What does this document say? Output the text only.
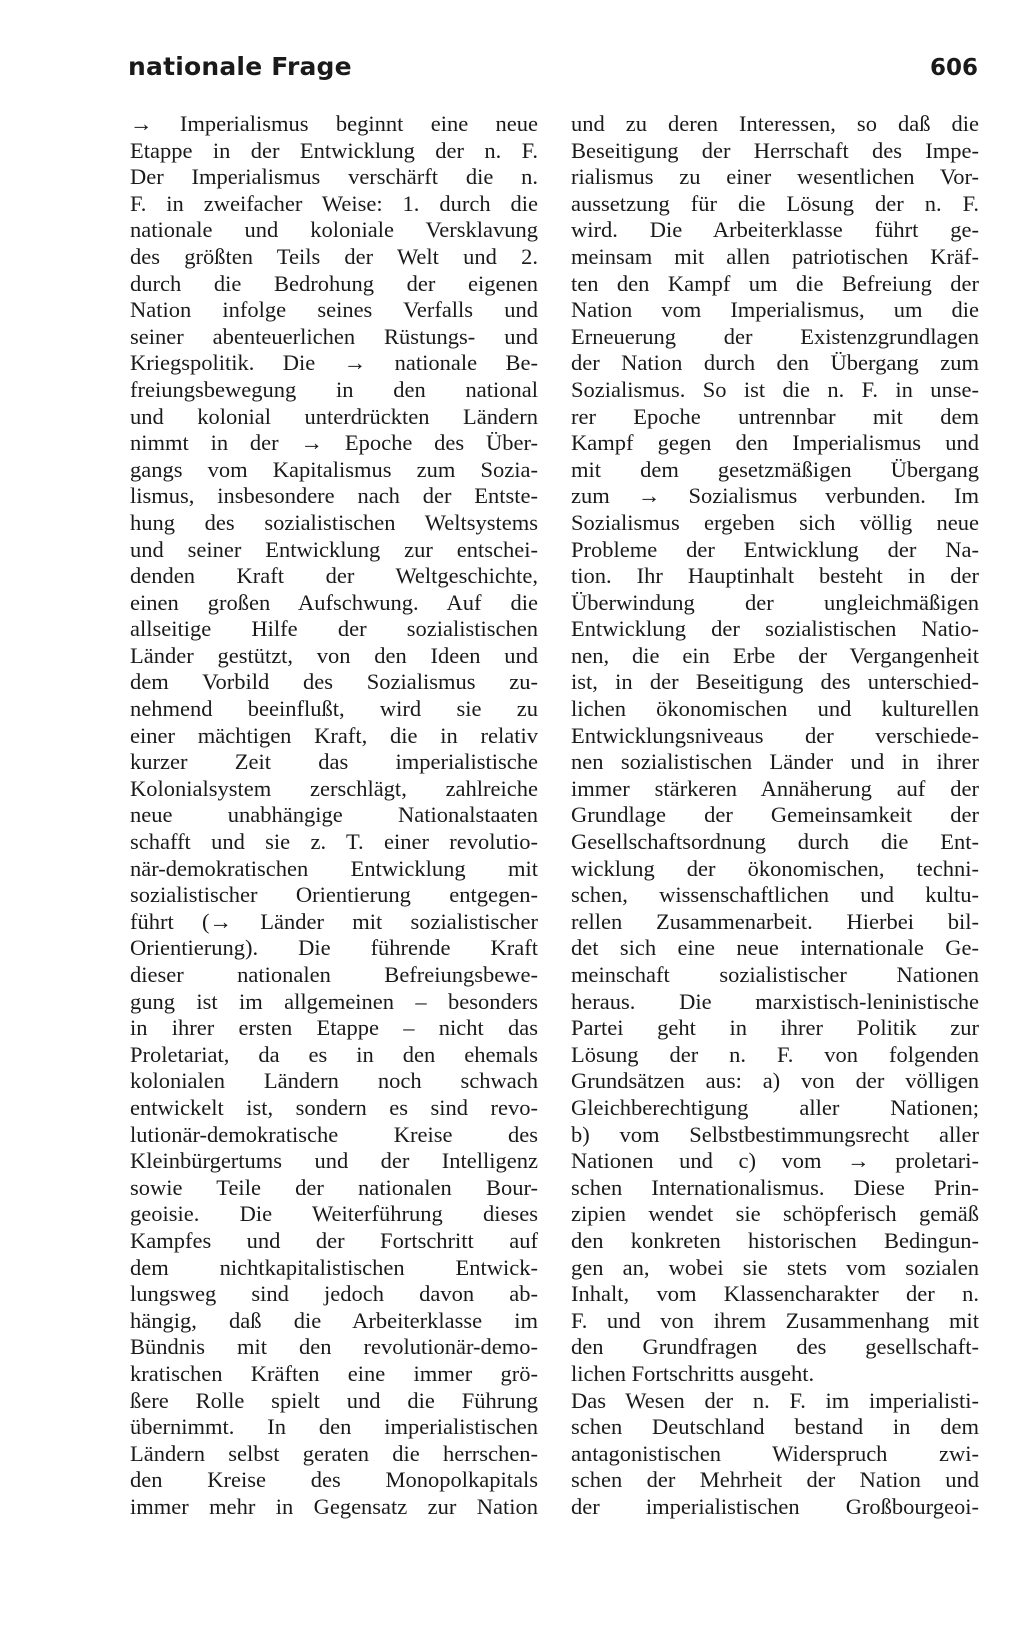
nationale Frage	606
→ Imperialismus beginnt eine neue
Etappe in der Entwicklung der n. F.
Der Imperialismus verschärft die n.
F. in zweifacher Weise: 1. durch die
nationale und koloniale Versklavung
des größten Teils der Welt und 2.
durch die Bedrohung der eigenen
Nation infolge seines Verfalls und
seiner abenteuerlichen Rüstungs- und
Kriegspolitik. Die → nationale Be-
freiungsbewegung in den national
und kolonial unterdrückten Ländern
nimmt in der → Epoche des Über-
gangs vom Kapitalismus zum Sozia-
lismus, insbesondere nach der Entste-
hung des sozialistischen Weltsystems
und seiner Entwicklung zur entschei-
denden Kraft der Weltgeschichte,
einen großen Aufschwung. Auf die
allseitige Hilfe der sozialistischen
Länder gestützt, von den Ideen und
dem Vorbild des Sozialismus zu-
nehmend beeinflußt, wird sie zu
einer mächtigen Kraft, die in relativ
kurzer Zeit das imperialistische
Kolonialsystem zerschlägt, zahlreiche
neue unabhängige Nationalstaaten
schafft und sie z. T. einer revolutio-
när-demokratischen Entwicklung mit
sozialistischer Orientierung entgegen-
führt (→ Länder mit sozialistischer
Orientierung). Die führende Kraft
dieser nationalen Befreiungsbewe-
gung ist im allgemeinen – besonders
in ihrer ersten Etappe – nicht das
Proletariat, da es in den ehemals
kolonialen Ländern noch schwach
entwickelt ist, sondern es sind revo-
lutionär-demokratische Kreise des
Kleinbürgertums und der Intelligenz
sowie Teile der nationalen Bour-
geoisie. Die Weiterführung dieses
Kampfes und der Fortschritt auf
dem nichtkapitalistischen Entwick-
lungsweg sind jedoch davon ab-
hängig, daß die Arbeiterklasse im
Bündnis mit den revolutionär-demo-
kratischen Kräften eine immer grö-
ßere Rolle spielt und die Führung
übernimmt. In den imperialistischen
Ländern selbst geraten die herrschen-
den Kreise des Monopolkapitals
immer mehr in Gegensatz zur Nation
und zu deren Interessen, so daß die
Beseitigung der Herrschaft des Impe-
rialismus zu einer wesentlichen Vor-
aussetzung für die Lösung der n. F.
wird. Die Arbeiterklasse führt ge-
meinsam mit allen patriotischen Kräf-
ten den Kampf um die Befreiung der
Nation vom Imperialismus, um die
Erneuerung der Existenzgrundlagen
der Nation durch den Übergang zum
Sozialismus. So ist die n. F. in unse-
rer Epoche untrennbar mit dem
Kampf gegen den Imperialismus und
mit dem gesetzmäßigen Übergang
zum → Sozialismus verbunden. Im
Sozialismus ergeben sich völlig neue
Probleme der Entwicklung der Na-
tion. Ihr Hauptinhalt besteht in der
Überwindung der ungleichmäßigen
Entwicklung der sozialistischen Natio-
nen, die ein Erbe der Vergangenheit
ist, in der Beseitigung des unterschied-
lichen ökonomischen und kulturellen
Entwicklungsniveaus der verschiede-
nen sozialistischen Länder und in ihrer
immer stärkeren Annäherung auf der
Grundlage der Gemeinsamkeit der
Gesellschaftsordnung durch die Ent-
wicklung der ökonomischen, techni-
schen, wissenschaftlichen und kultu-
rellen Zusammenarbeit. Hierbei bil-
det sich eine neue internationale Ge-
meinschaft sozialistischer Nationen
heraus. Die marxistisch-leninistische
Partei geht in ihrer Politik zur
Lösung der n. F. von folgenden
Grundsätzen aus: a) von der völligen
Gleichberechtigung aller Nationen;
b) vom Selbstbestimmungsrecht aller
Nationen und c) vom → proletari-
schen Internationalismus. Diese Prin-
zipien wendet sie schöpferisch gemäß
den konkreten historischen Bedingun-
gen an, wobei sie stets vom sozialen
Inhalt, vom Klassencharakter der n.
F. und von ihrem Zusammenhang mit
den Grundfragen des gesellschaft-
lichen Fortschritts ausgeht.
Das Wesen der n. F. im imperialisti-
schen Deutschland bestand in dem
antagonistischen Widerspruch zwi-
schen der Mehrheit der Nation und
der imperialistischen Großbourgeoi-
